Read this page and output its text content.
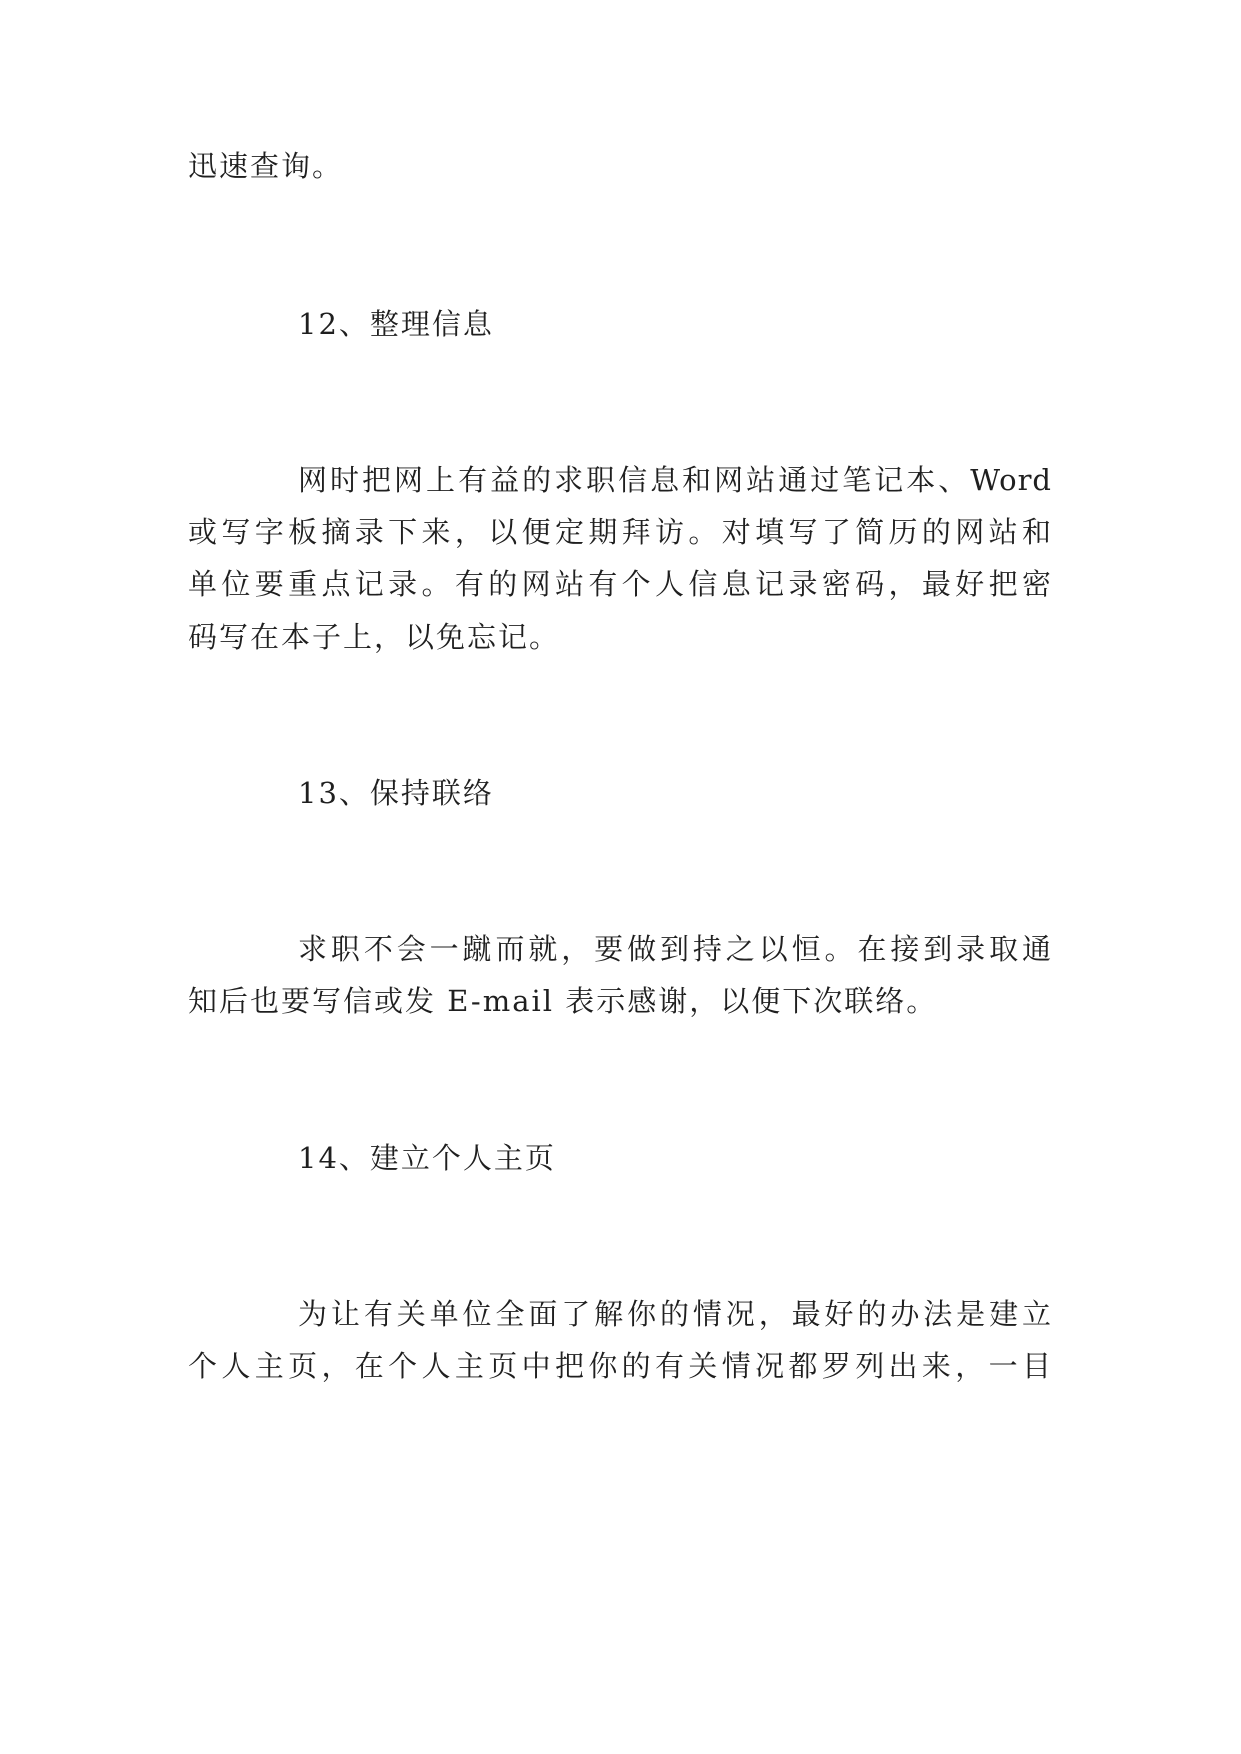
迅速查询。
12、整理信息
网时把网上有益的求职信息和网站通过笔记本、Word
或写字板摘录下来，以便定期拜访。对填写了简历的网站和
单位要重点记录。有的网站有个人信息记录密码，最好把密
码写在本子上，以免忘记。
13、保持联络
求职不会一蹴而就，要做到持之以恒。在接到录取通
知后也要写信或发 E-mail 表示感谢，以便下次联络。
14、建立个人主页
为让有关单位全面了解你的情况，最好的办法是建立
个人主页，在个人主页中把你的有关情况都罗列出来，一目
